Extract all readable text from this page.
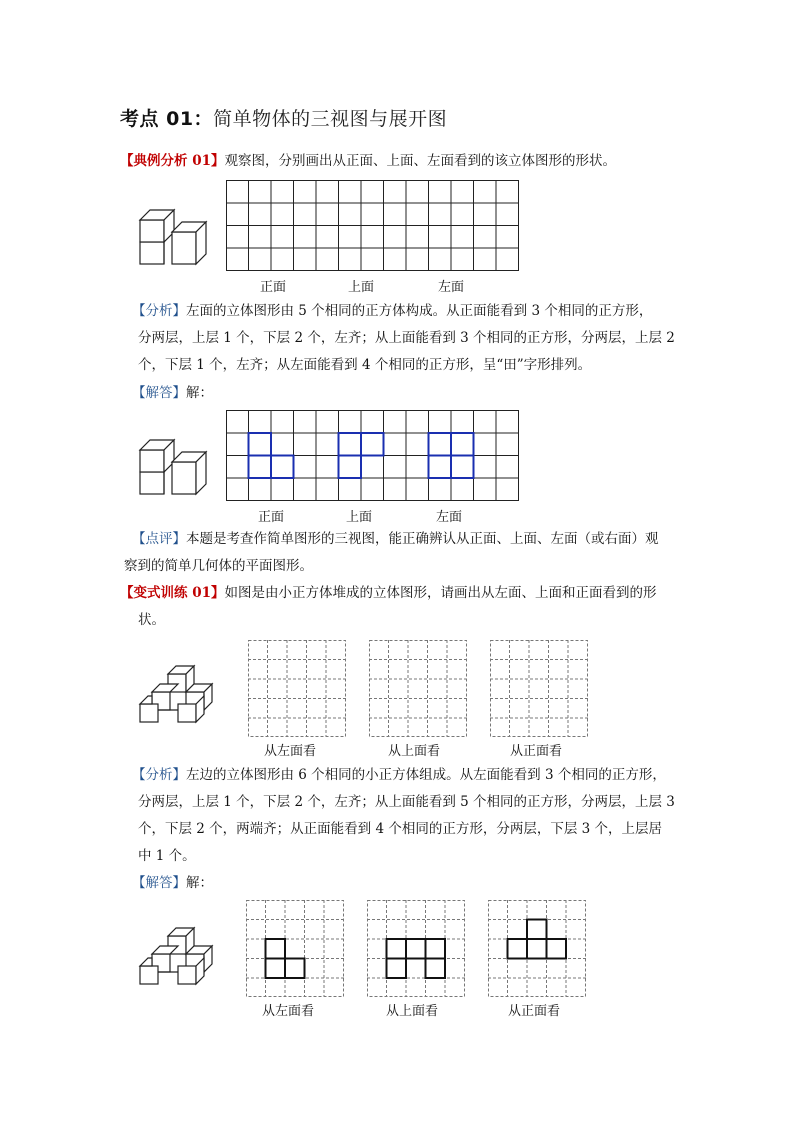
考点 01：简单物体的三视图与展开图
【典例分析 01】观察图，分别画出从正面、上面、左面看到的该立体图形的形状。
正面	上面	左面
【分析】左面的立体图形由 5 个相同的正方体构成。从正面能看到 3 个相同的正方形，
分两层，上层 1 个，下层 2 个，左齐；从上面能看到 3 个相同的正方形，分两层，上层 2
个，下层 1 个，左齐；从左面能看到 4 个相同的正方形，呈“田”字形排列。
【解答】解：
正面	上面	左面
【点评】本题是考查作简单图形的三视图，能正确辨认从正面、上面、左面（或右面）观
察到的简单几何体的平面图形。
【变式训练 01】如图是由小正方体堆成的立体图形，请画出从左面、上面和正面看到的形
状。
从左面看	从上面看	从正面看
【分析】左边的立体图形由 6 个相同的小正方体组成。从左面能看到 3 个相同的正方形，
分两层，上层 1 个，下层 2 个，左齐；从上面能看到 5 个相同的正方形，分两层，上层 3
个，下层 2 个，两端齐；从正面能看到 4 个相同的正方形，分两层，下层 3 个，上层居
中 1 个。
【解答】解：
从左面看	从上面看	从正面看
